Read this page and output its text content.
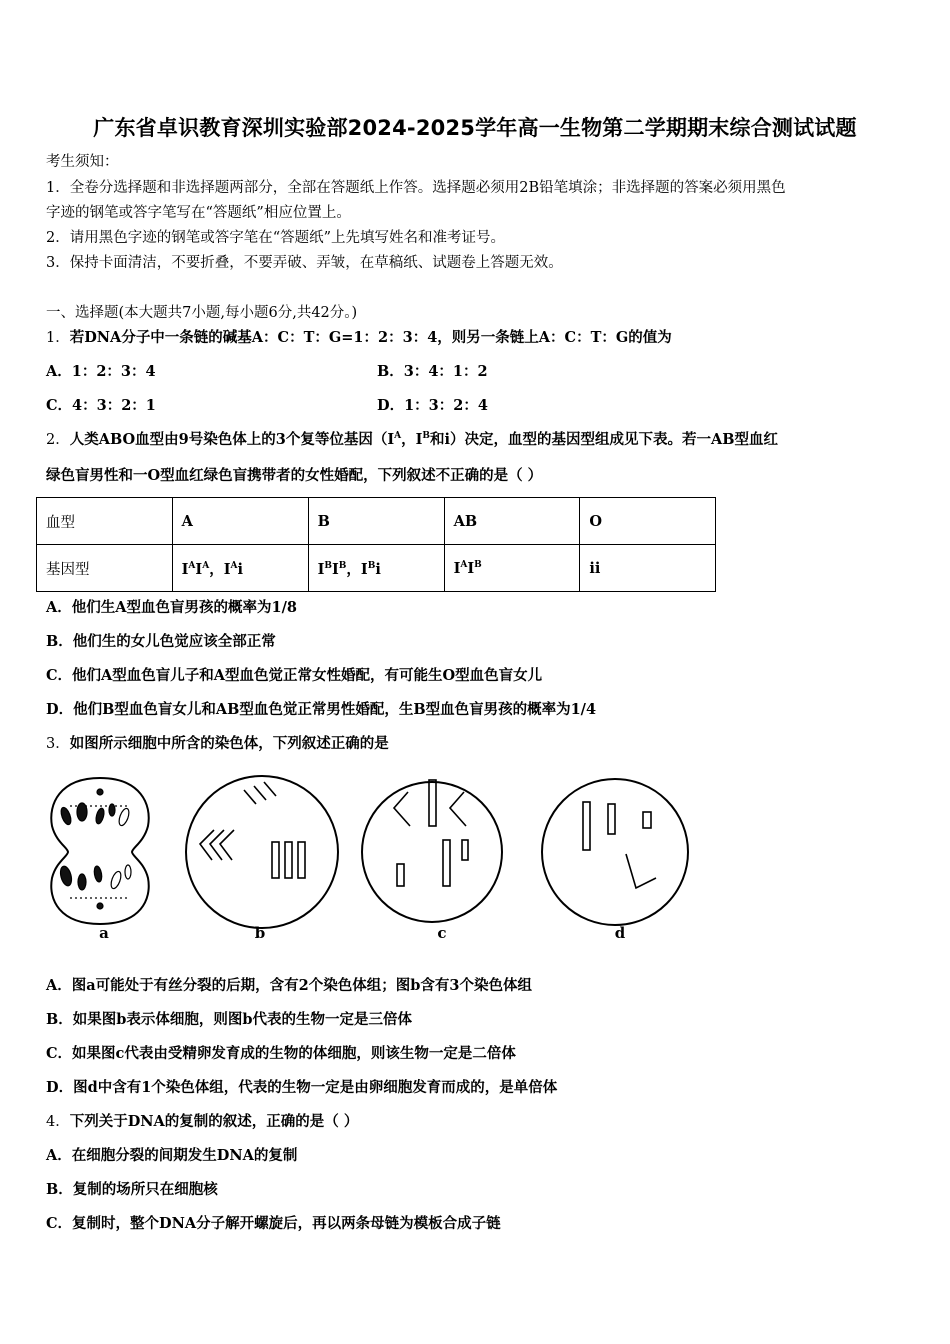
广东省卓识教育深圳实验部2024-2025学年高一生物第二学期期末综合测试试题
考生须知：
1．全卷分选择题和非选择题两部分，全部在答题纸上作答。选择题必须用2B铅笔填涂；非选择题的答案必须用黑色
字迹的钢笔或答字笔写在“答题纸”相应位置上。
2．请用黑色字迹的钢笔或答字笔在“答题纸”上先填写姓名和准考证号。
3．保持卡面清洁，不要折叠，不要弄破、弄皱，在草稿纸、试题卷上答题无效。
一、选择题(本大题共7小题,每小题6分,共42分。)
1．若DNA分子中一条链的碱基A：C：T：G=1：2：3：4，则另一条链上A：C：T：G的值为
A．1：2：3：4	B．3：4：1：2
C．4：3：2：1	D．1：3：2：4
2．人类ABO血型由9号染色体上的3个复等位基因（$I^A$，$I^B$和i）决定，血型的基因型组成见下表。若一AB型血红
绿色盲男性和一O型血红绿色盲携带者的女性婚配，下列叙述不正确的是（ ）
血型	A	B	AB	O
基因型	$I^AI^A$，$I^Ai$	$I^BI^B$，$I^Bi$	$I^AI^B$	ii
A．他们生A型血色盲男孩的概率为1/8
B．他们生的女儿色觉应该全部正常
C．他们A型血色盲儿子和A型血色觉正常女性婚配，有可能生O型血色盲女儿
D．他们B型血色盲女儿和AB型血色觉正常男性婚配，生B型血色盲男孩的概率为1/4
3．如图所示细胞中所含的染色体，下列叙述正确的是
a	b	c	d
A．图a可能处于有丝分裂的后期，含有2个染色体组；图b含有3个染色体组
B．如果图b表示体细胞，则图b代表的生物一定是三倍体
C．如果图c代表由受精卵发育成的生物的体细胞，则该生物一定是二倍体
D．图d中含有1个染色体组，代表的生物一定是由卵细胞发育而成的，是单倍体
4．下列关于DNA的复制的叙述，正确的是（ ）
A．在细胞分裂的间期发生DNA的复制
B．复制的场所只在细胞核
C．复制时，整个DNA分子解开螺旋后，再以两条母链为模板合成子链
